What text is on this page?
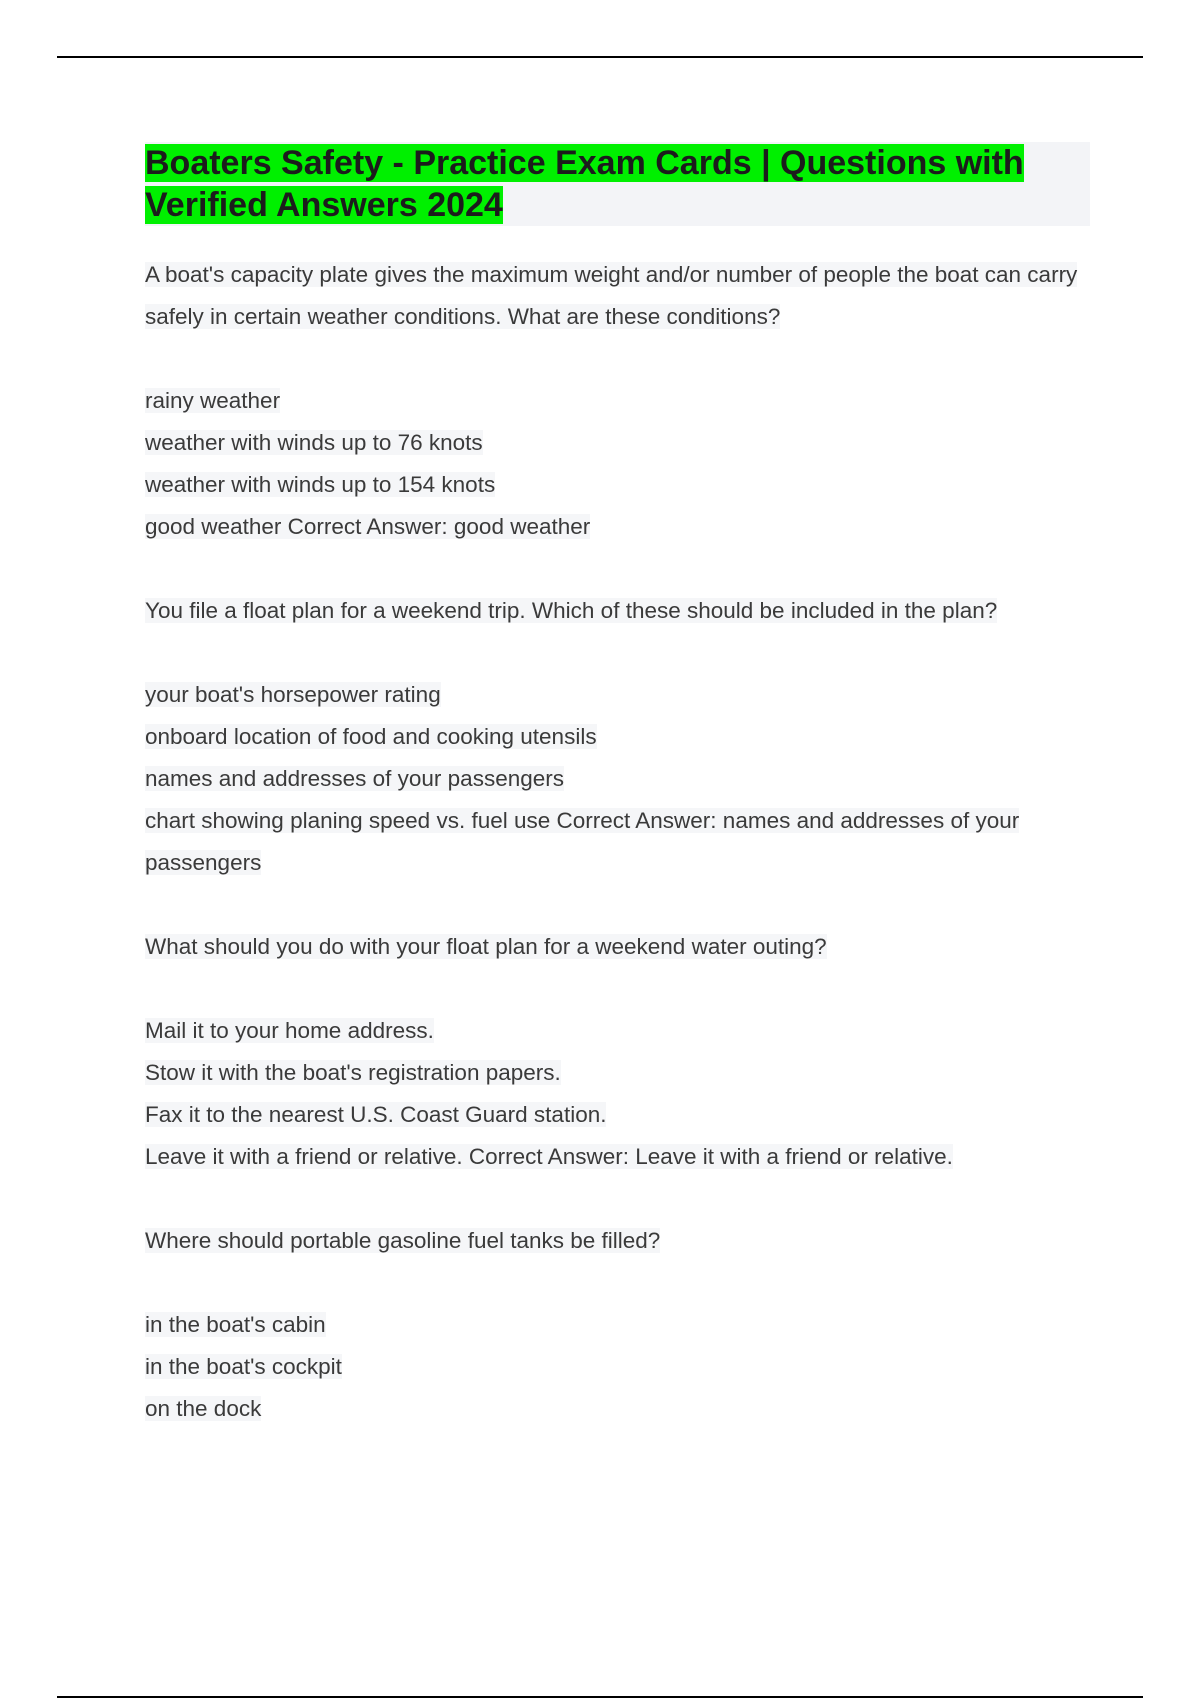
Boaters Safety - Practice Exam Cards | Questions with Verified Answers 2024
A boat's capacity plate gives the maximum weight and/or number of people the boat can carry safely in certain weather conditions. What are these conditions?
rainy weather
weather with winds up to 76 knots
weather with winds up to 154 knots
good weather Correct Answer: good weather
You file a float plan for a weekend trip. Which of these should be included in the plan?
your boat's horsepower rating
onboard location of food and cooking utensils
names and addresses of your passengers
chart showing planing speed vs. fuel use Correct Answer: names and addresses of your passengers
What should you do with your float plan for a weekend water outing?
Mail it to your home address.
Stow it with the boat's registration papers.
Fax it to the nearest U.S. Coast Guard station.
Leave it with a friend or relative. Correct Answer: Leave it with a friend or relative.
Where should portable gasoline fuel tanks be filled?
in the boat's cabin
in the boat's cockpit
on the dock
